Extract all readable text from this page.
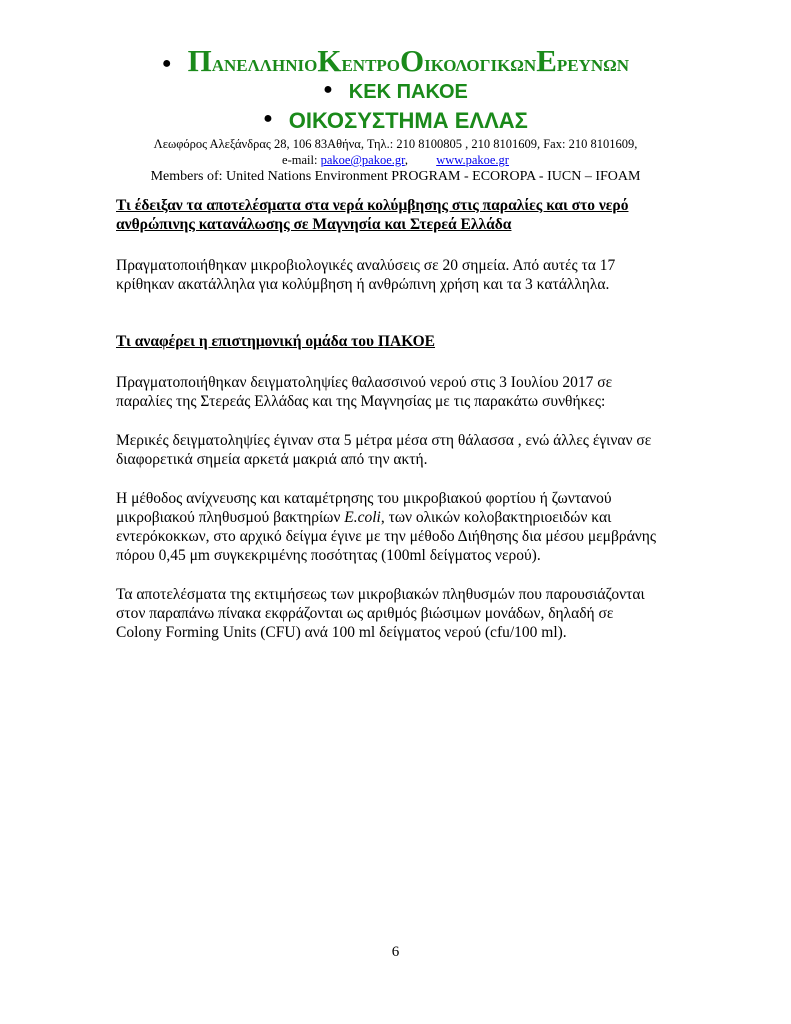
● ΠΑΝΕΛΛΗΝΙΟΚΕΝΤΡΟΟΙΚΟΛΟΓΙΚΩΝΕΡΕΥΝΩΝ
● ΚΕΚ ΠΑΚΟΕ
● ΟΙΚΟΣΥΣΤΗΜΑ ΕΛΛΑΣ
Λεωφόρος Αλεξάνδρας 28, 106 83Αθήνα, Τηλ.: 210 8100805 , 210 8101609, Fax: 210 8101609,
e-mail: pakoe@pakoe.gr, www.pakoe.gr
Members of: United Nations Environment PROGRAM - ECOROPA - IUCN – IFOAM

Τι έδειξαν τα αποτελέσματα στα νερά κολύμβησης στις παραλίες και στο νερό ανθρώπινης κατανάλωσης σε Μαγνησία και Στερεά Ελλάδα

Πραγματοποιήθηκαν μικροβιολογικές αναλύσεις σε 20 σημεία. Από αυτές τα 17 κρίθηκαν ακατάλληλα για κολύμβηση ή ανθρώπινη χρήση και τα 3 κατάλληλα.

Τι αναφέρει η επιστημονική ομάδα του ΠΑΚΟΕ

Πραγματοποιήθηκαν δειγματοληψίες θαλασσινού νερού στις 3 Ιουλίου 2017 σε παραλίες της Στερεάς Ελλάδας και της Μαγνησίας με τις παρακάτω συνθήκες:

Μερικές δειγματοληψίες έγιναν στα 5 μέτρα μέσα στη θάλασσα , ενώ άλλες έγιναν σε διαφορετικά σημεία αρκετά μακριά από την ακτή.

Η μέθοδος ανίχνευσης και καταμέτρησης του μικροβιακού φορτίου ή ζωντανού μικροβιακού πληθυσμού βακτηρίων E.coli, των ολικών κολοβακτηριοειδών και εντερόκοκκων, στο αρχικό δείγμα έγινε με την μέθοδο Διήθησης δια μέσου μεμβράνης πόρου 0,45 μm συγκεκριμένης ποσότητας (100ml δείγματος νερού).

Τα αποτελέσματα της εκτιμήσεως των μικροβιακών πληθυσμών που παρουσιάζονται στον παραπάνω πίνακα εκφράζονται ως αριθμός βιώσιμων μονάδων, δηλαδή σε Colony Forming Units (CFU) ανά 100 ml δείγματος νερού (cfu/100 ml).

6
